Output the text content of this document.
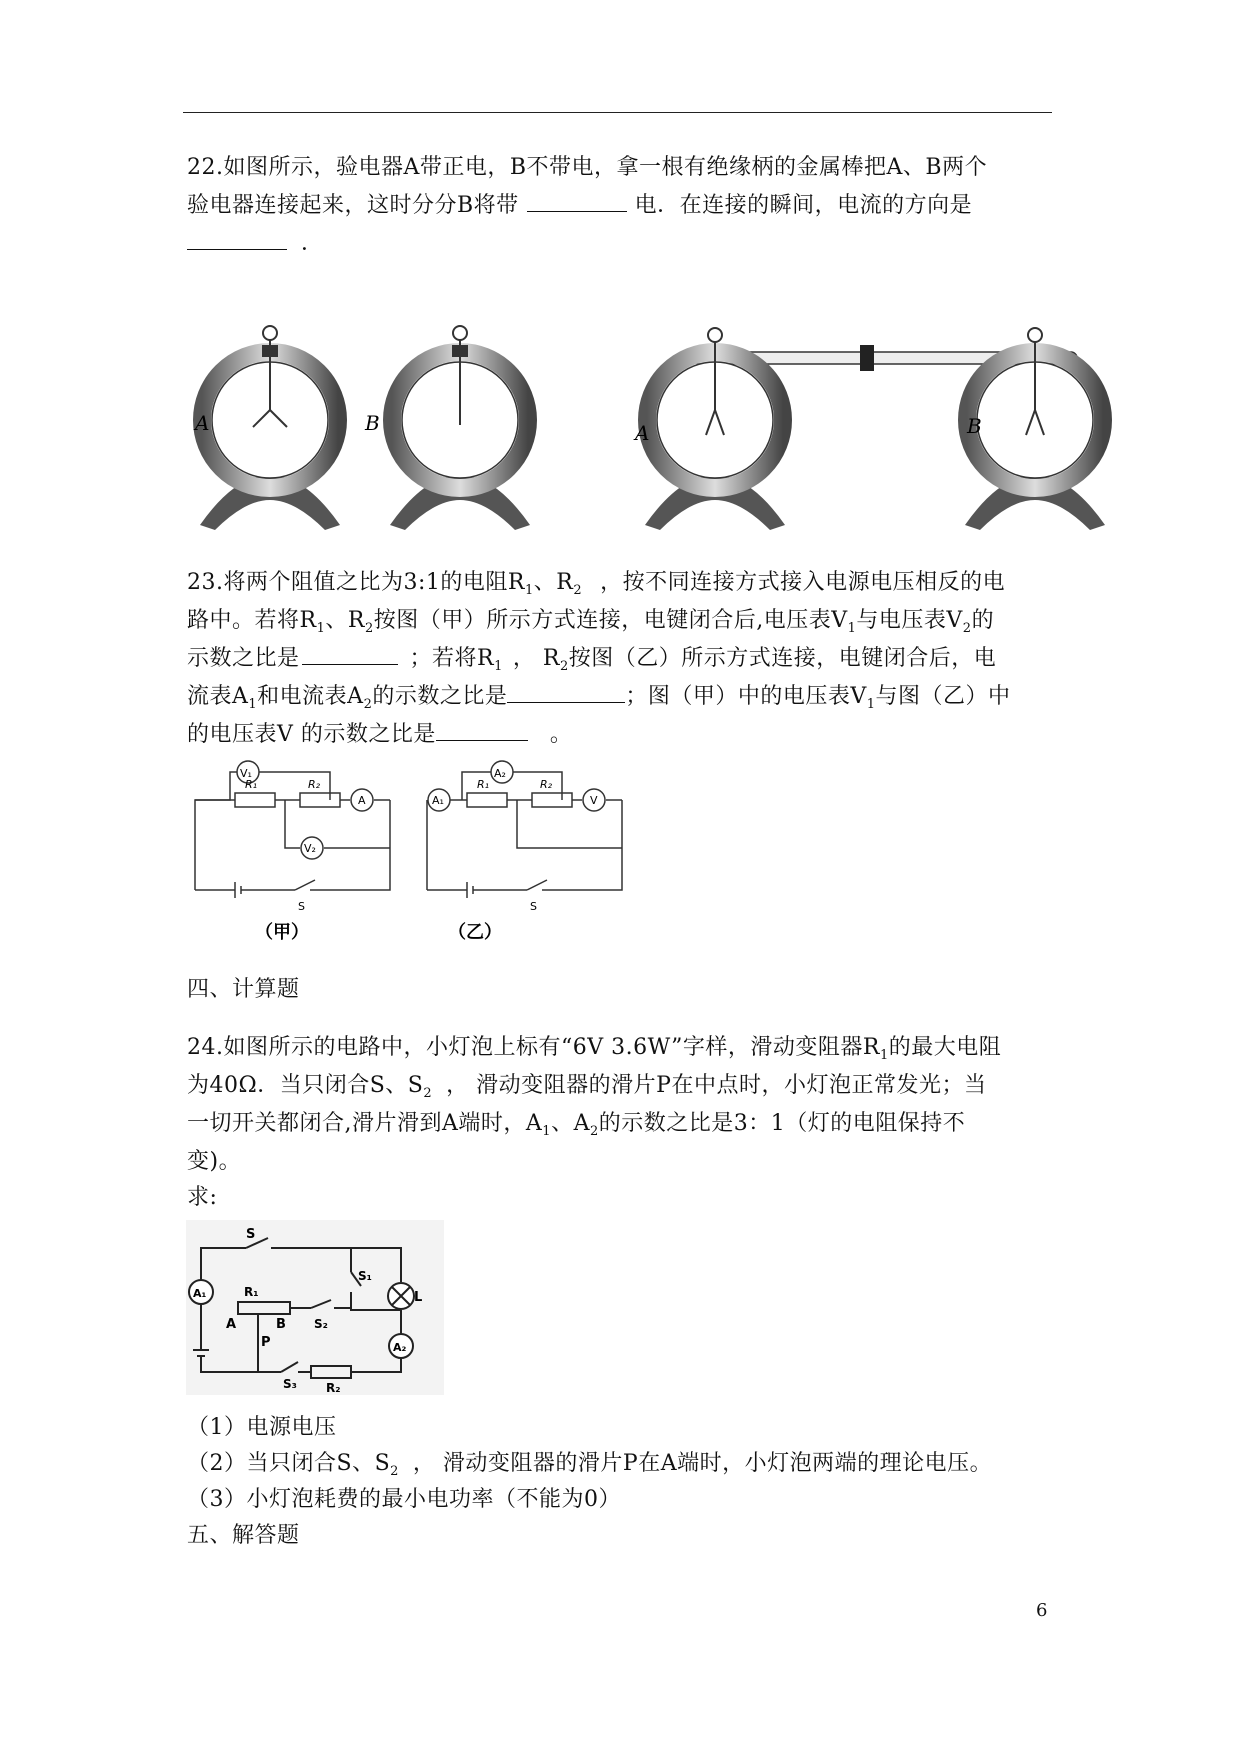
22.如图所示，验电器A带正电，B不带电，拿一根有绝缘柄的金属棒把A、B两个
验电器连接起来，这时分分B将带	电．在连接的瞬间，电流的方向是
．
A	B	A	B
23.将两个阻值之比为3:1的电阻$R_1$、$R_2$ ，按不同连接方式接入电源电压相反的电
路中。若将$R_1$、$R_2$按图（甲）所示方式连接，电键闭合后,电压表$V_1$与电压表$V_2$的
示数之比是	；若将$R_1$ ， $R_2$按图（乙）所示方式连接，电键闭合后，电
流表$A_1$和电流表$A_2$的示数之比是	；图（甲）中的电压表$V_1$与图（乙）中
的电压表V 的示数之比是	。
V₁
R₁	R₂
A
V₂
S
（甲）
A₂
A₁
R₁	R₂
V
S
（乙）
四、计算题
24.如图所示的电路中，小灯泡上标有“6V 3.6W”字样，滑动变阻器$R_1$的最大电阻
为40Ω．当只闭合S、$S_2$ ， 滑动变阻器的滑片P在中点时，小灯泡正常发光；当
一切开关都闭合,滑片滑到A端时，$A_1$、$A_2$的示数之比是3：1（灯的电阻保持不
变)。
求:
S
A₁	R₁
A	B
P
S₁
L
S₂
A₂
S₃ R₂
（1）电源电压
（2）当只闭合S、$S_2$ ， 滑动变阻器的滑片P在A端时，小灯泡两端的理论电压。
（3）小灯泡耗费的最小电功率（不能为0）
五、解答题
6
